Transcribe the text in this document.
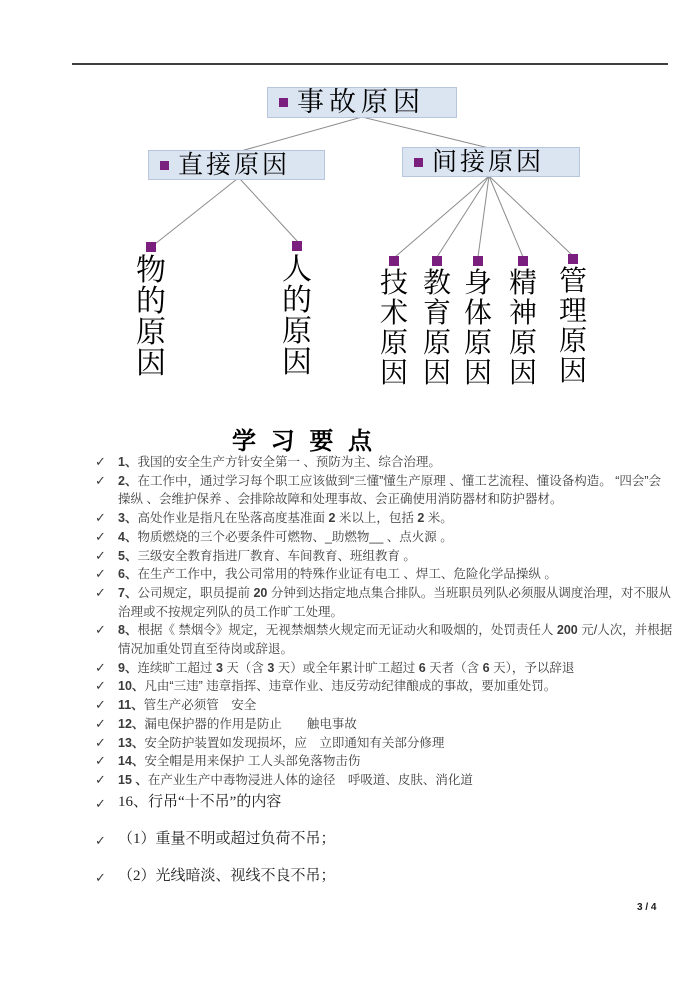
事故原因
直接原因	间接原因
物的原因
人的原因
技术原因
教育原因
身体原因
精神原因
管理原因
学 习 要 点
✓ 1、我国的安全生产方针安全第一 、预防为主、综合治理。
✓ 2、在工作中，通过学习每个职工应该做到“三懂”懂生产原理 、懂工艺流程、懂设备构造。 “四会”会
操纵 、会维护保养 、会排除故障和处理事故、会正确使用消防器材和防护器材。
✓ 3、高处作业是指凡在坠落高度基准面 2 米以上，包括 2 米。
✓ 4、物质燃烧的三个必要条件可燃物、_助燃物__ 、点火源 。
✓ 5、三级安全教育指进厂教育、车间教育、班组教育 。
✓ 6、在生产工作中，我公司常用的特殊作业证有电工 、焊工、危险化学品操纵 。
✓ 7、公司规定，职员提前 20 分钟到达指定地点集合排队。当班职员列队必须服从调度治理，对不服从
治理或不按规定列队的员工作旷工处理。
✓ 8、根据《 禁烟令》规定，无视禁烟禁火规定而无证动火和吸烟的，处罚责任人 200 元/人次，并根据
情况加重处罚直至待岗或辞退。
✓ 9、连续旷工超过 3 天（含 3 天）或全年累计旷工超过 6 天者（含 6 天），予以辞退
✓ 10、凡由“三违” 违章指挥、违章作业、违反劳动纪律酿成的事故，要加重处罚。
✓ 11、管生产必须管　安全
✓ 12、漏电保护器的作用是防止　　触电事故
✓ 13、安全防护装置如发现损坏，应　立即通知有关部分修理
✓ 14、安全帽是用来保护 工人头部免落物击伤
✓ 15 、在产业生产中毒物浸进人体的途径　呼吸道、皮肤、消化道
✓ 16、行吊“十不吊”的内容
✓ （1）重量不明或超过负荷不吊；
✓ （2）光线暗淡、视线不良不吊；
3 / 4
